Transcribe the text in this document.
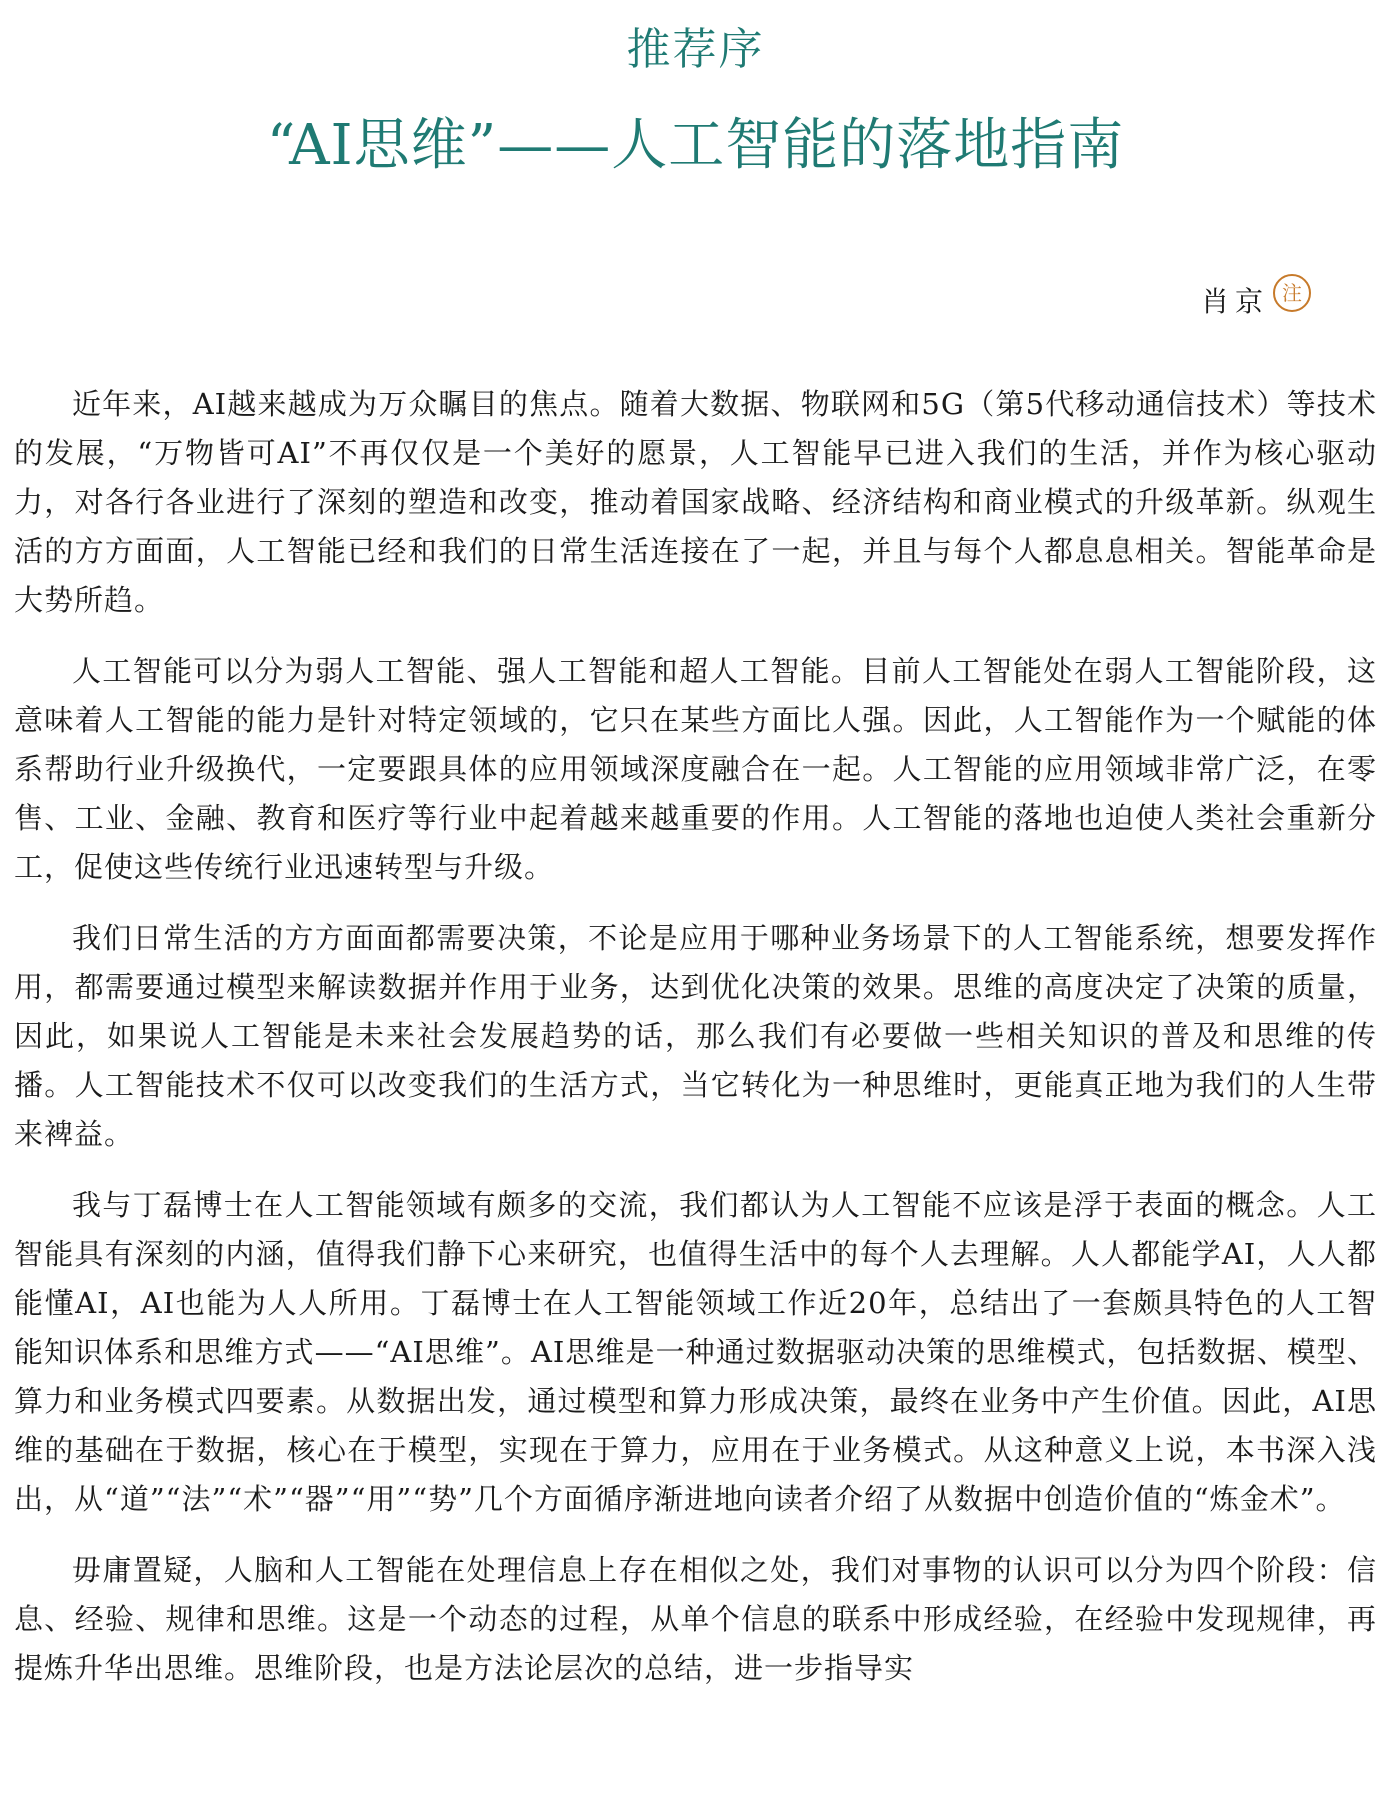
推荐序
“AI思维”——人工智能的落地指南
肖京 注

近年来，AI越来越成为万众瞩目的焦点。随着大数据、物联网和5G（第5代移动通信技术）等技术的发展，“万物皆可AI”不再仅仅是一个美好的愿景，人工智能早已进入我们的生活，并作为核心驱动力，对各行各业进行了深刻的塑造和改变，推动着国家战略、经济结构和商业模式的升级革新。纵观生活的方方面面，人工智能已经和我们的日常生活连接在了一起，并且与每个人都息息相关。智能革命是大势所趋。

人工智能可以分为弱人工智能、强人工智能和超人工智能。目前人工智能处在弱人工智能阶段，这意味着人工智能的能力是针对特定领域的，它只在某些方面比人强。因此，人工智能作为一个赋能的体系帮助行业升级换代，一定要跟具体的应用领域深度融合在一起。人工智能的应用领域非常广泛，在零售、工业、金融、教育和医疗等行业中起着越来越重要的作用。人工智能的落地也迫使人类社会重新分工，促使这些传统行业迅速转型与升级。

我们日常生活的方方面面都需要决策，不论是应用于哪种业务场景下的人工智能系统，想要发挥作用，都需要通过模型来解读数据并作用于业务，达到优化决策的效果。思维的高度决定了决策的质量，因此，如果说人工智能是未来社会发展趋势的话，那么我们有必要做一些相关知识的普及和思维的传播。人工智能技术不仅可以改变我们的生活方式，当它转化为一种思维时，更能真正地为我们的人生带来裨益。

我与丁磊博士在人工智能领域有颇多的交流，我们都认为人工智能不应该是浮于表面的概念。人工智能具有深刻的内涵，值得我们静下心来研究，也值得生活中的每个人去理解。人人都能学AI，人人都能懂AI，AI也能为人人所用。丁磊博士在人工智能领域工作近20年，总结出了一套颇具特色的人工智能知识体系和思维方式——“AI思维”。AI思维是一种通过数据驱动决策的思维模式，包括数据、模型、算力和业务模式四要素。从数据出发，通过模型和算力形成决策，最终在业务中产生价值。因此，AI思维的基础在于数据，核心在于模型，实现在于算力，应用在于业务模式。从这种意义上说，本书深入浅出，从“道”“法”“术”“器”“用”“势”几个方面循序渐进地向读者介绍了从数据中创造价值的“炼金术”。

毋庸置疑，人脑和人工智能在处理信息上存在相似之处，我们对事物的认识可以分为四个阶段：信息、经验、规律和思维。这是一个动态的过程，从单个信息的联系中形成经验，在经验中发现规律，再提炼升华出思维。思维阶段，也是方法论层次的总结，进一步指导实
